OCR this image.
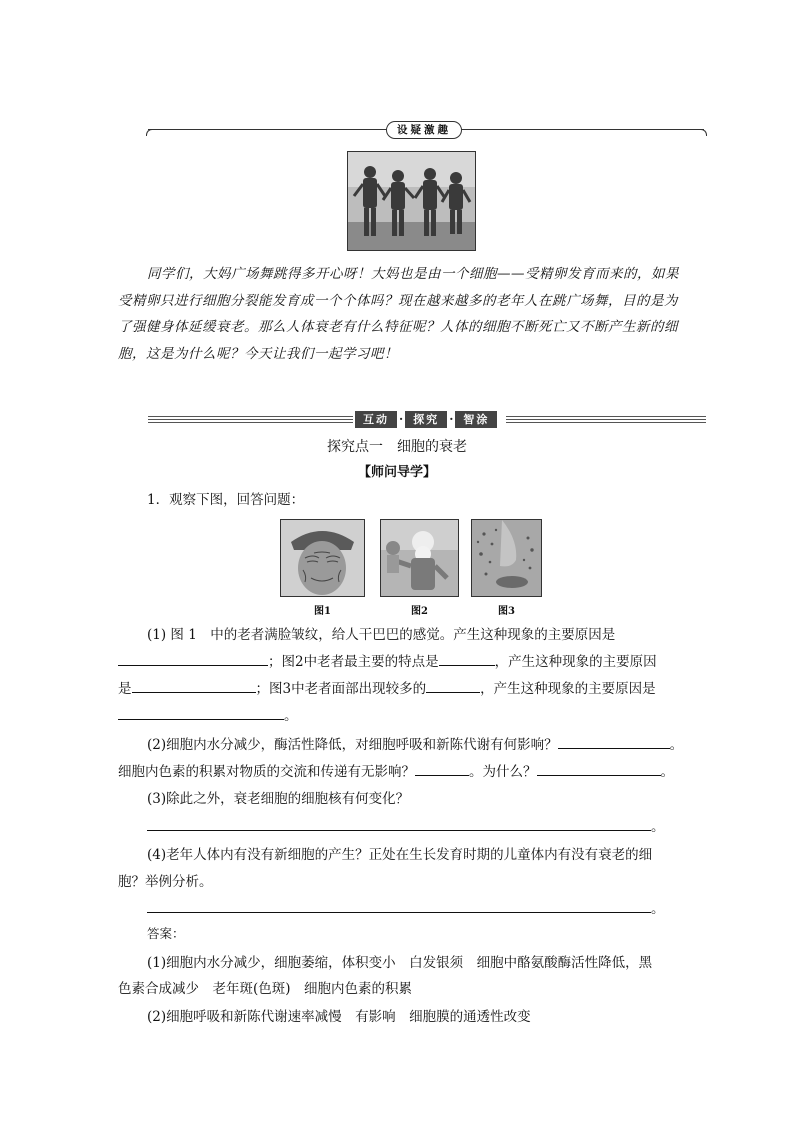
设疑激趣
同学们，大妈广场舞跳得多开心呀！大妈也是由一个细胞——受精卵发育而来的，如果
受精卵只进行细胞分裂能发育成一个个体吗？现在越来越多的老年人在跳广场舞，目的是为
了强健身体延缓衰老。那么人体衰老有什么特征呢？人体的细胞不断死亡又不断产生新的细
胞，这是为什么呢？今天让我们一起学习吧！
互动 · 探究 · 智涂
探究点一　细胞的衰老
【师问导学】
1．观察下图，回答问题：
图1	图2	图3
(1) 图 1　中的老者满脸皱纹，给人干巴巴的感觉。产生这种现象的主要原因是
；图2中老者最主要的特点是	，产生这种现象的主要原因
是	；图3中老者面部出现较多的	，产生这种现象的主要原因是
。
(2)细胞内水分减少，酶活性降低，对细胞呼吸和新陈代谢有何影响？	。
细胞内色素的积累对物质的交流和传递有无影响？	。为什么？	。
(3)除此之外，衰老细胞的细胞核有何变化？
。
(4)老年人体内有没有新细胞的产生？正处在生长发育时期的儿童体内有没有衰老的细
胞？举例分析。
。
答案：
(1)细胞内水分减少，细胞萎缩，体积变小　白发银须　细胞中酪氨酸酶活性降低，黑
色素合成减少　老年斑(色斑)　细胞内色素的积累
(2)细胞呼吸和新陈代谢速率减慢　有影响　细胞膜的通透性改变
